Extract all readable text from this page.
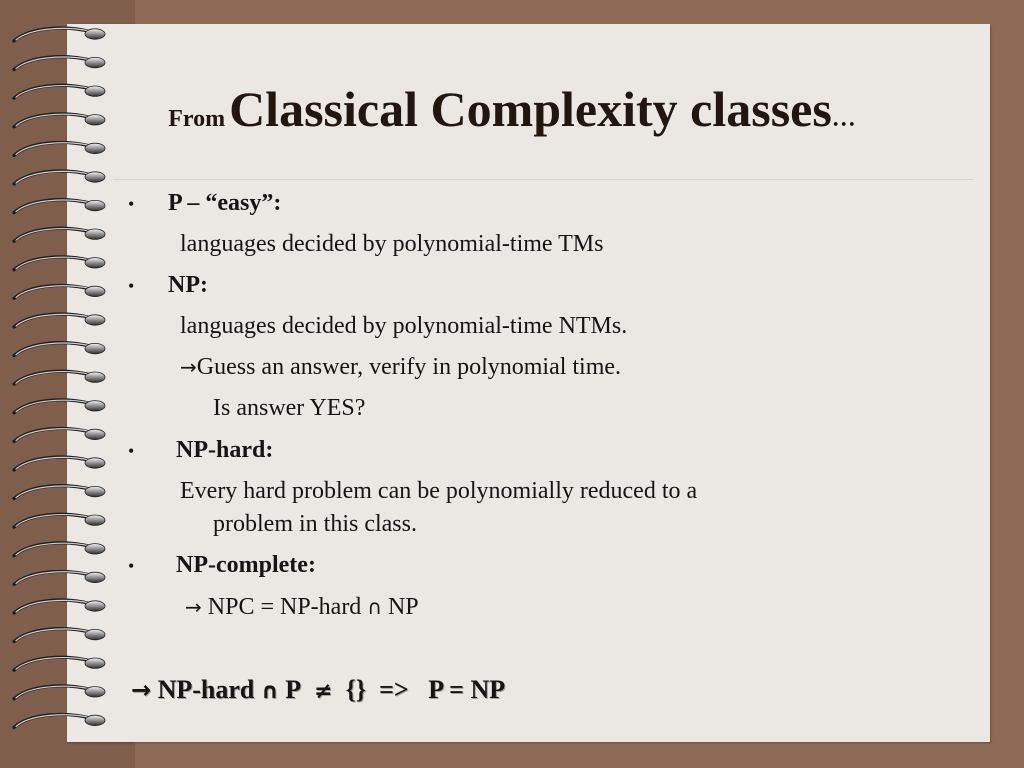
From Classical Complexity classes…
• P – “easy”:
languages decided by polynomial-time TMs
• NP:
languages decided by polynomial-time NTMs.
→Guess an answer, verify in polynomial time.
Is answer YES?
• NP-hard:
Every hard problem can be polynomially reduced to a
problem in this class.
• NP-complete:
→ NPC = NP-hard ∩ NP
→ NP-hard ∩ P ≠ {} => P = NP
